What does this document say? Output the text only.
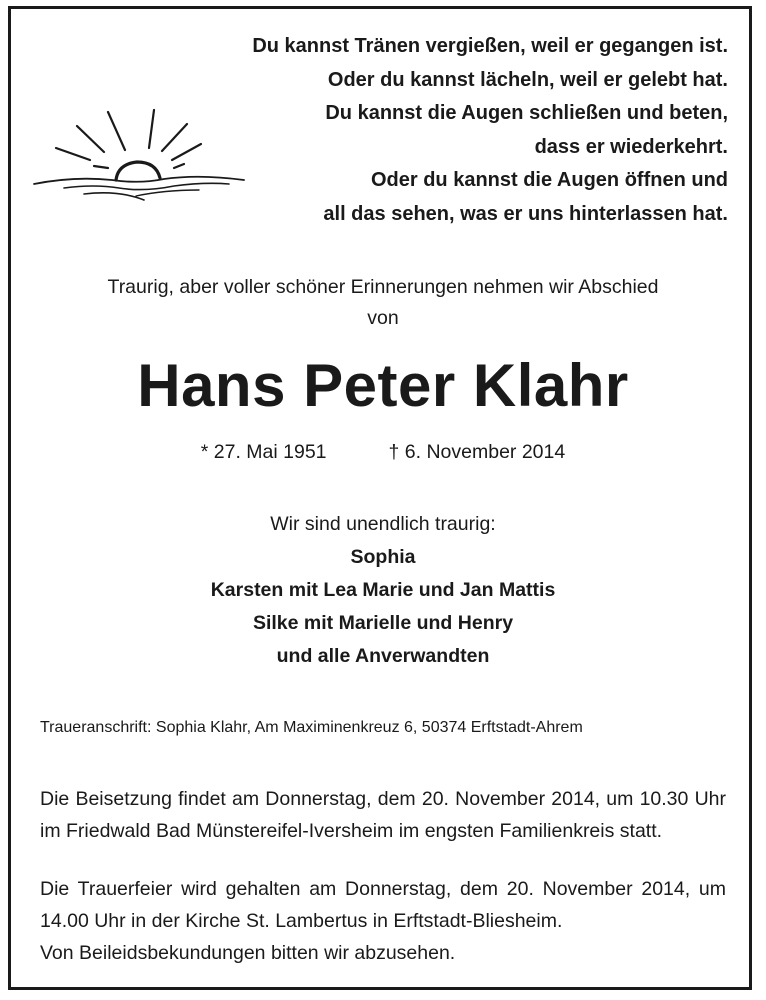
Du kannst Tränen vergießen, weil er gegangen ist.
Oder du kannst lächeln, weil er gelebt hat.
Du kannst die Augen schließen und beten,
dass er wiederkehrt.
Oder du kannst die Augen öffnen und
all das sehen, was er uns hinterlassen hat.
Traurig, aber voller schöner Erinnerungen nehmen wir Abschied
von
Hans Peter Klahr
* 27. Mai 1951	† 6. November 2014
Wir sind unendlich traurig:
Sophia
Karsten mit Lea Marie und Jan Mattis
Silke mit Marielle und Henry
und alle Anverwandten
Traueranschrift: Sophia Klahr, Am Maximinenkreuz 6, 50374 Erftstadt-Ahrem
Die Beisetzung findet am Donnerstag, dem 20. November 2014, um 10.30 Uhr im Friedwald Bad Münstereifel-Iversheim im engsten Familienkreis statt.
Die Trauerfeier wird gehalten am Donnerstag, dem 20. November 2014, um 14.00 Uhr in der Kirche St. Lambertus in Erftstadt-Bliesheim.
Von Beileidsbekundungen bitten wir abzusehen.
